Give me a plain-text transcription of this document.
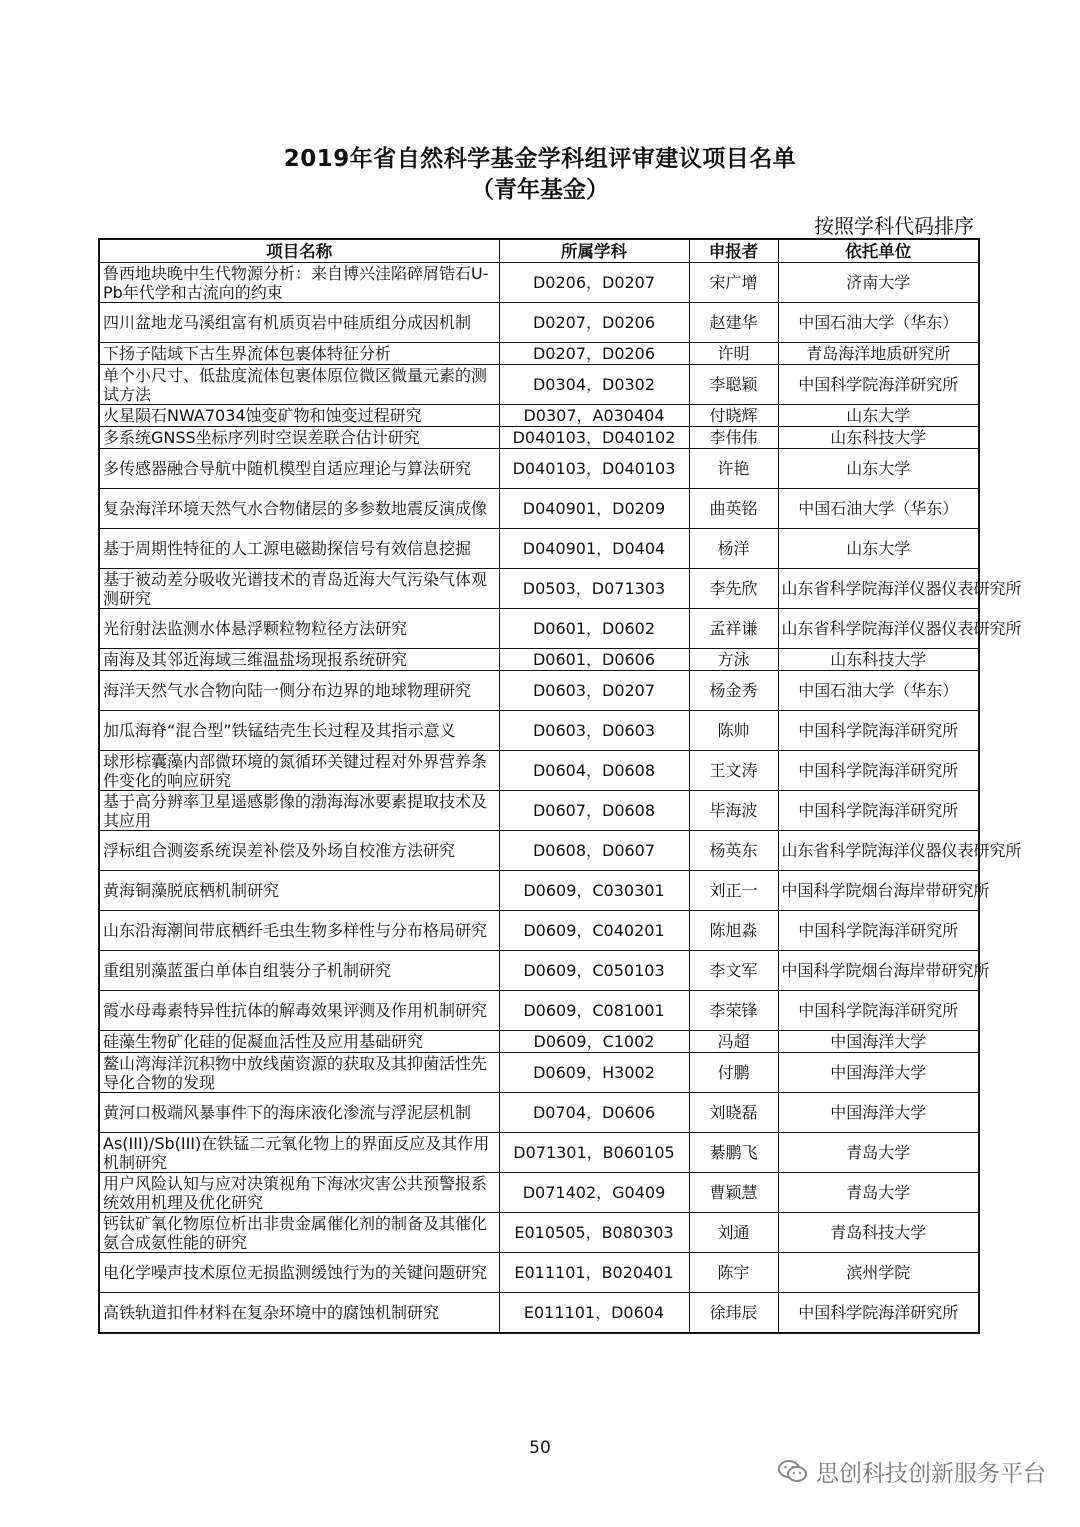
2019年省自然科学基金学科组评审建议项目名单
（青年基金）
按照学科代码排序
项目名称	所属学科	申报者	依托单位
鲁西地块晚中生代物源分析：来自博兴洼陷碎屑锆石U-Pb年代学和古流向的约束	D0206，D0207	宋广增	济南大学
四川盆地龙马溪组富有机质页岩中硅质组分成因机制	D0207，D0206	赵建华	中国石油大学（华东）
下扬子陆域下古生界流体包裹体特征分析	D0207，D0206	许明	青岛海洋地质研究所
单个小尺寸、低盐度流体包裹体原位微区微量元素的测试方法	D0304，D0302	李聪颖	中国科学院海洋研究所
火星陨石NWA7034蚀变矿物和蚀变过程研究	D0307，A030404	付晓辉	山东大学
多系统GNSS坐标序列时空误差联合估计研究	D040103，D040102	李伟伟	山东科技大学
多传感器融合导航中随机模型自适应理论与算法研究	D040103，D040103	许艳	山东大学
复杂海洋环境天然气水合物储层的多参数地震反演成像	D040901，D0209	曲英铭	中国石油大学（华东）
基于周期性特征的人工源电磁勘探信号有效信息挖掘	D040901，D0404	杨洋	山东大学
基于被动差分吸收光谱技术的青岛近海大气污染气体观测研究	D0503，D071303	李先欣	山东省科学院海洋仪器仪表研究所
光衍射法监测水体悬浮颗粒物粒径方法研究	D0601，D0602	孟祥谦	山东省科学院海洋仪器仪表研究所
南海及其邻近海域三维温盐场现报系统研究	D0601，D0606	方泳	山东科技大学
海洋天然气水合物向陆一侧分布边界的地球物理研究	D0603，D0207	杨金秀	中国石油大学（华东）
加瓜海脊“混合型”铁锰结壳生长过程及其指示意义	D0603，D0603	陈帅	中国科学院海洋研究所
球形棕囊藻内部微环境的氮循环关键过程对外界营养条件变化的响应研究	D0604，D0608	王文涛	中国科学院海洋研究所
基于高分辨率卫星遥感影像的渤海海冰要素提取技术及其应用	D0607，D0608	毕海波	中国科学院海洋研究所
浮标组合测姿系统误差补偿及外场自校准方法研究	D0608，D0607	杨英东	山东省科学院海洋仪器仪表研究所
黄海铜藻脱底栖机制研究	D0609，C030301	刘正一	中国科学院烟台海岸带研究所
山东沿海潮间带底栖纤毛虫生物多样性与分布格局研究	D0609，C040201	陈旭淼	中国科学院海洋研究所
重组别藻蓝蛋白单体自组装分子机制研究	D0609，C050103	李文军	中国科学院烟台海岸带研究所
霞水母毒素特异性抗体的解毒效果评测及作用机制研究	D0609，C081001	李荣锋	中国科学院海洋研究所
硅藻生物矿化硅的促凝血活性及应用基础研究	D0609，C1002	冯超	中国海洋大学
鳌山湾海洋沉积物中放线菌资源的获取及其抑菌活性先导化合物的发现	D0609，H3002	付鹏	中国海洋大学
黄河口极端风暴事件下的海床液化渗流与浮泥层机制	D0704，D0606	刘晓磊	中国海洋大学
As(III)/Sb(III)在铁锰二元氧化物上的界面反应及其作用机制研究	D071301，B060105	綦鹏飞	青岛大学
用户风险认知与应对决策视角下海冰灾害公共预警报系统效用机理及优化研究	D071402，G0409	曹颖慧	青岛大学
钙钛矿氧化物原位析出非贵金属催化剂的制备及其催化氨合成氨性能的研究	E010505，B080303	刘通	青岛科技大学
电化学噪声技术原位无损监测缓蚀行为的关键问题研究	E011101，B020401	陈宇	滨州学院
高铁轨道扣件材料在复杂环境中的腐蚀机制研究	E011101，D0604	徐玮辰	中国科学院海洋研究所
50
思创科技创新服务平台
